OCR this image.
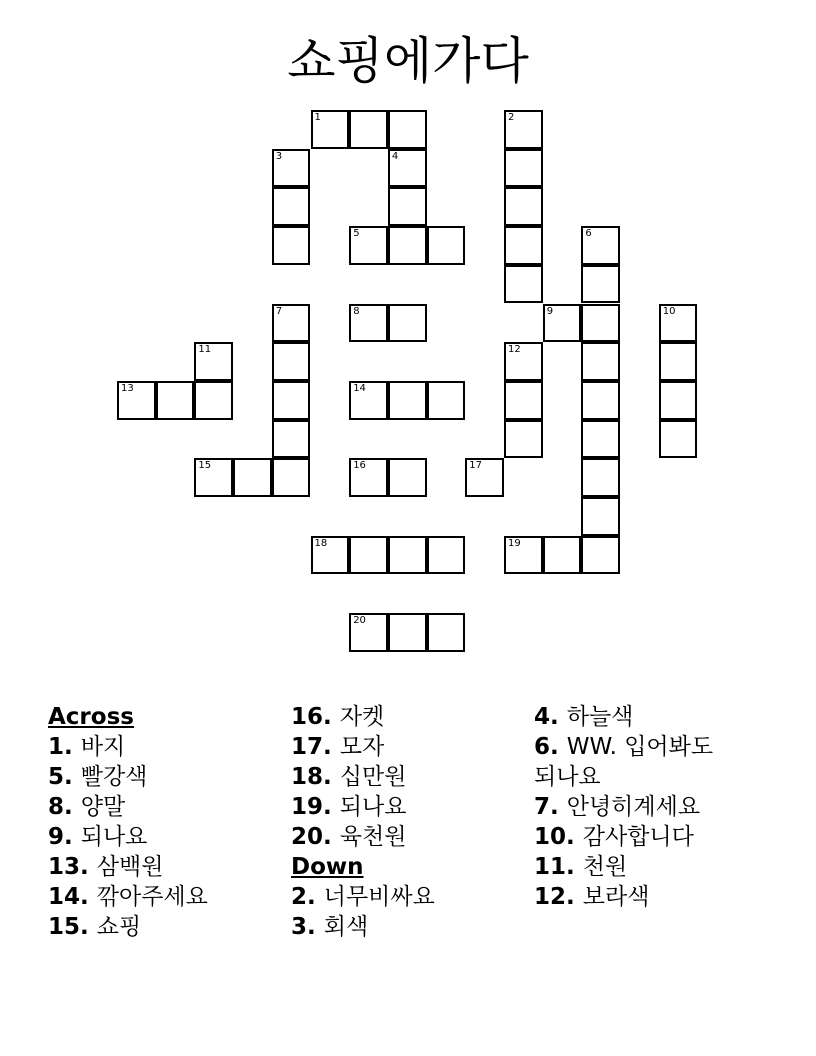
쇼핑에가다
1	2
3	4
5	6
7	8	9	10
11	12
13	14
15	16	17
18	19
20
Across
1. 바지
5. 빨강색
8. 양말
9. 되나요
13. 삼백원
14. 깎아주세요
15. 쇼핑
16. 자켓
17. 모자
18. 십만원
19. 되나요
20. 육천원
Down
2. 너무비싸요
3. 회색
4. 하늘색
6. WW. 입어봐도되나요
7. 안녕히계세요
10. 감사합니다
11. 천원
12. 보라색
